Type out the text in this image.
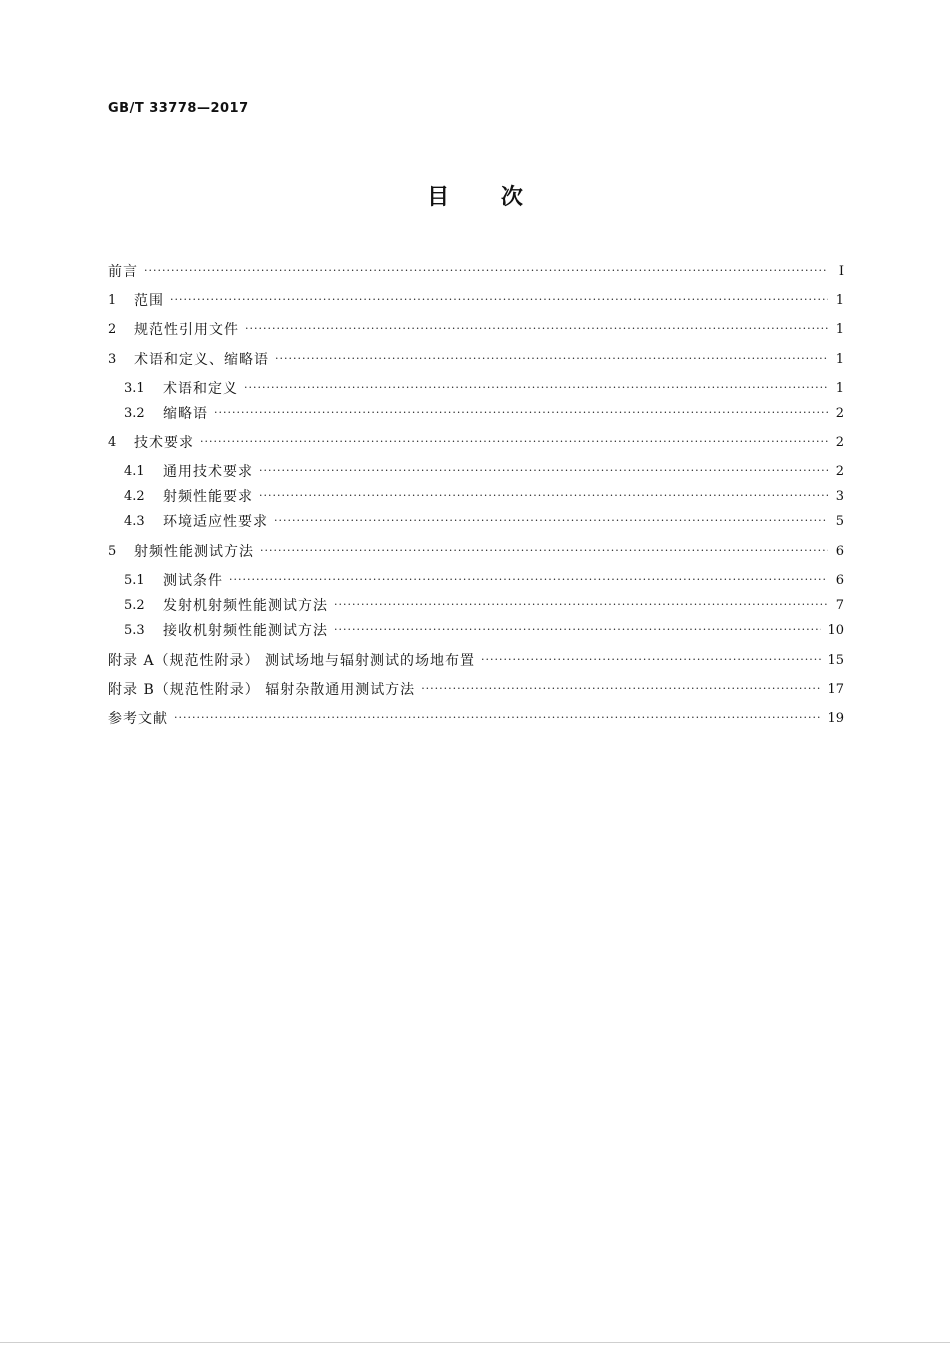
GB/T 33778—2017
目 次
前言 ·····	Ⅰ
1	范围 ·····	1
2	规范性引用文件 ·····	1
3	术语和定义、缩略语 ·····	1
3.1	术语和定义 ·····	1
3.2	缩略语 ·····	2
4	技术要求 ·····	2
4.1	通用技术要求 ·····	2
4.2	射频性能要求 ·····	3
4.3	环境适应性要求 ·····	5
5	射频性能测试方法 ·····	6
5.1	测试条件 ·····	6
5.2	发射机射频性能测试方法 ·····	7
5.3	接收机射频性能测试方法 ·····	10
附录 A（规范性附录） 测试场地与辐射测试的场地布置 ·····	15
附录 B（规范性附录） 辐射杂散通用测试方法 ·····	17
参考文献 ·····	19
